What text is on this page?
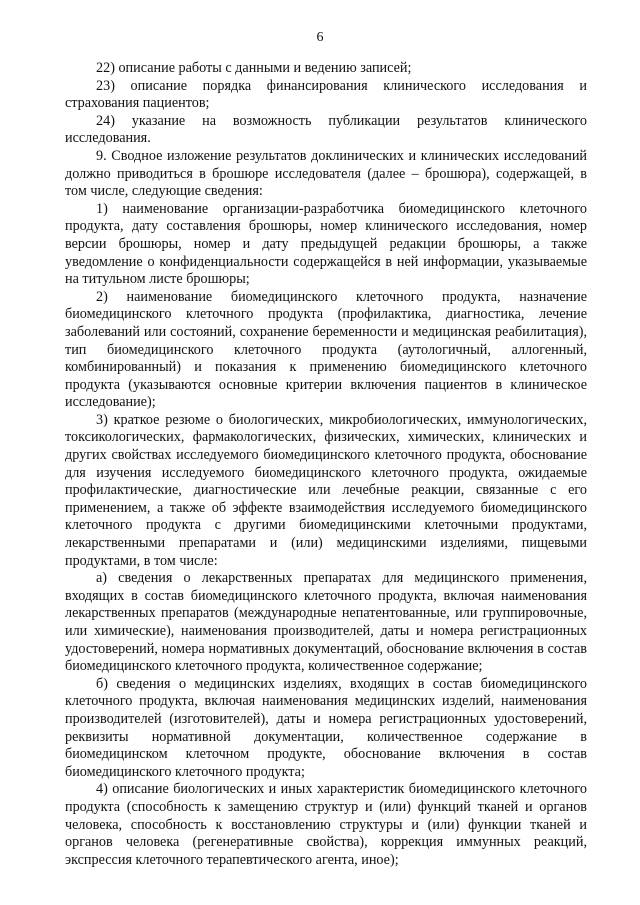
6

22) описание работы с данными и ведению записей;

23) описание порядка финансирования клинического исследования и страхования пациентов;

24) указание на возможность публикации результатов клинического исследования.

9. Сводное изложение результатов доклинических и клинических исследований должно приводиться в брошюре исследователя (далее – брошюра), содержащей, в том числе, следующие сведения:

1) наименование организации-разработчика биомедицинского клеточного продукта, дату составления брошюры, номер клинического исследования, номер версии брошюры, номер и дату предыдущей редакции брошюры, а также уведомление о конфиденциальности содержащейся в ней информации, указываемые на титульном листе брошюры;

2) наименование биомедицинского клеточного продукта, назначение биомедицинского клеточного продукта (профилактика, диагностика, лечение заболеваний или состояний, сохранение беременности и медицинская реабилитация), тип биомедицинского клеточного продукта (аутологичный, аллогенный, комбинированный) и показания к применению биомедицинского клеточного продукта (указываются основные критерии включения пациентов в клиническое исследование);

3) краткое резюме о биологических, микробиологических, иммунологических, токсикологических, фармакологических, физических, химических, клинических и других свойствах исследуемого биомедицинского клеточного продукта, обоснование для изучения исследуемого биомедицинского клеточного продукта, ожидаемые профилактические, диагностические или лечебные реакции, связанные с его применением, а также об эффекте взаимодействия исследуемого биомедицинского клеточного продукта с другими биомедицинскими клеточными продуктами, лекарственными препаратами и (или) медицинскими изделиями, пищевыми продуктами, в том числе:

а) сведения о лекарственных препаратах для медицинского применения, входящих в состав биомедицинского клеточного продукта, включая наименования лекарственных препаратов (международные непатентованные, или группировочные, или химические), наименования производителей, даты и номера регистрационных удостоверений, номера нормативных документаций, обоснование включения в состав биомедицинского клеточного продукта, количественное содержание;

б) сведения о медицинских изделиях, входящих в состав биомедицинского клеточного продукта, включая наименования медицинских изделий, наименования производителей (изготовителей), даты и номера регистрационных удостоверений, реквизиты нормативной документации, количественное содержание в биомедицинском клеточном продукте, обоснование включения в состав биомедицинского клеточного продукта;

4) описание биологических и иных характеристик биомедицинского клеточного продукта (способность к замещению структур и (или) функций тканей и органов человека, способность к восстановлению структуры и (или) функции тканей и органов человека (регенеративные свойства), коррекция иммунных реакций, экспрессия клеточного терапевтического агента, иное);
